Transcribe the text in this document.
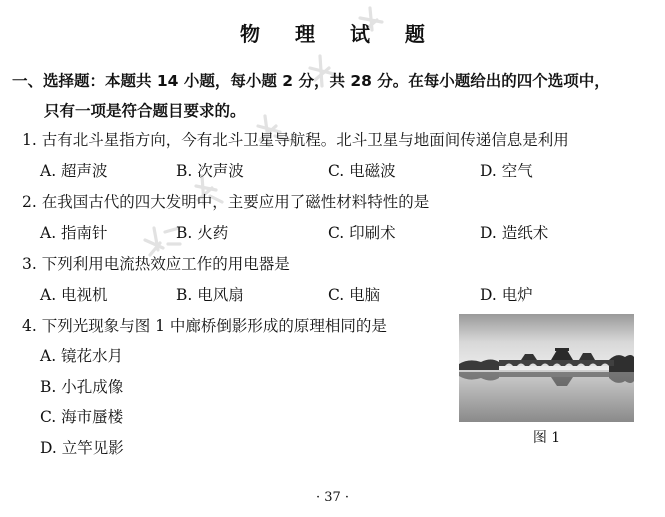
物 理 试 题
一、选择题：本题共 14 小题，每小题 2 分，共 28 分。在每小题给出的四个选项中，
只有一项是符合题目要求的。
1. 古有北斗星指方向，今有北斗卫星导航程。北斗卫星与地面间传递信息是利用
A. 超声波	B. 次声波	C. 电磁波	D. 空气
2. 在我国古代的四大发明中，主要应用了磁性材料特性的是
A. 指南针	B. 火药	C. 印刷术	D. 造纸术
3. 下列利用电流热效应工作的用电器是
A. 电视机	B. 电风扇	C. 电脑	D. 电炉
4. 下列光现象与图 1 中廊桥倒影形成的原理相同的是
A. 镜花水月
B. 小孔成像
C. 海市蜃楼
D. 立竿见影
图 1
· 37 ·
